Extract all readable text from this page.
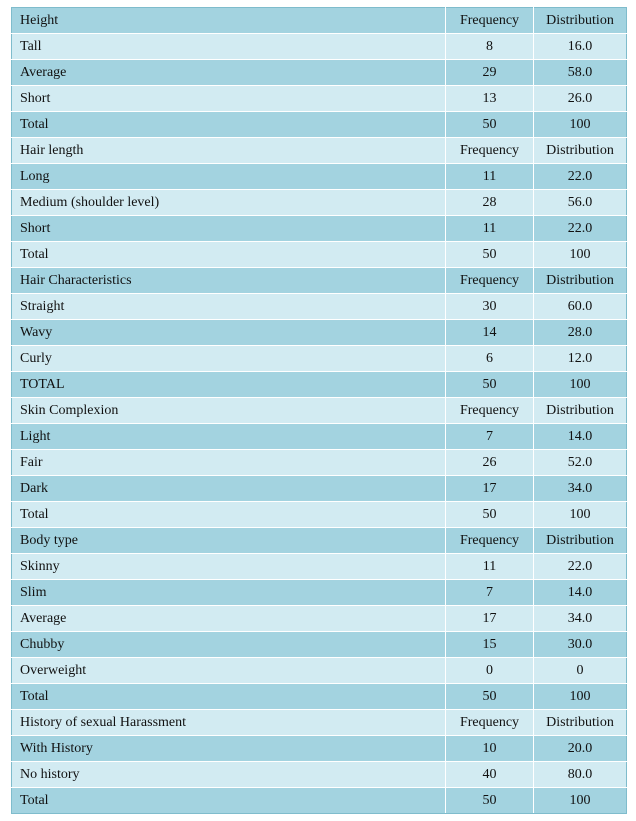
Height	Frequency	Distribution
Tall	8	16.0
Average	29	58.0
Short	13	26.0
Total	50	100
Hair length	Frequency	Distribution
Long	11	22.0
Medium (shoulder level)	28	56.0
Short	11	22.0
Total	50	100
Hair Characteristics	Frequency	Distribution
Straight	30	60.0
Wavy	14	28.0
Curly	6	12.0
TOTAL	50	100
Skin Complexion	Frequency	Distribution
Light	7	14.0
Fair	26	52.0
Dark	17	34.0
Total	50	100
Body type	Frequency	Distribution
Skinny	11	22.0
Slim	7	14.0
Average	17	34.0
Chubby	15	30.0
Overweight	0	0
Total	50	100
History of sexual Harassment	Frequency	Distribution
With History	10	20.0
No history	40	80.0
Total	50	100
